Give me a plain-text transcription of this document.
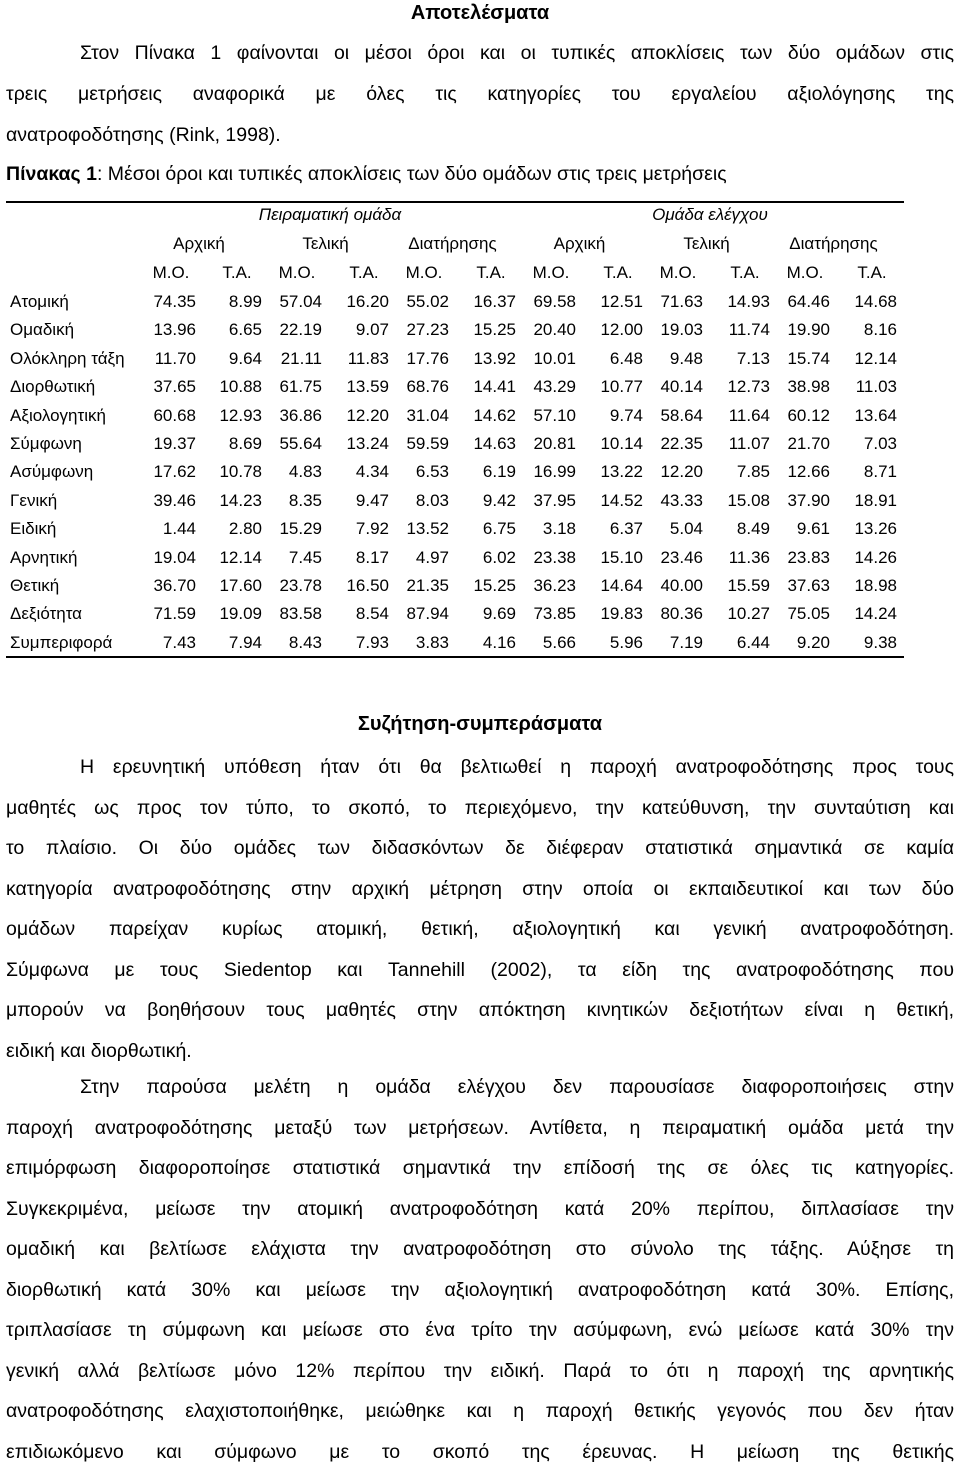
Αποτελέσματα

Στον Πίνακα 1 φαίνονται οι μέσοι όροι και οι τυπικές αποκλίσεις των δύο ομάδων στις

τρεις μετρήσεις αναφορικά με όλες τις κατηγορίες του εργαλείου αξιολόγησης της

ανατροφοδότησης (Rink, 1998).

Πίνακας 1: Μέσοι όροι και τυπικές αποκλίσεις των δύο ομάδων στις τρεις μετρήσεις

Πειραματική ομάδα	Ομάδα ελέγχου
Αρχική	Τελική	Διατήρησης	Αρχική	Τελική	Διατήρησης
Μ.Ο.	Τ.Α.	Μ.Ο.	Τ.Α.	Μ.Ο.	Τ.Α.	Μ.Ο.	Τ.Α.	Μ.Ο.	Τ.Α.	Μ.Ο.	Τ.Α.
Ατομική	74.35	8.99	57.04	16.20	55.02	16.37	69.58	12.51	71.63	14.93	64.46	14.68
Ομαδική	13.96	6.65	22.19	9.07	27.23	15.25	20.40	12.00	19.03	11.74	19.90	8.16
Ολόκληρη τάξη	11.70	9.64	21.11	11.83	17.76	13.92	10.01	6.48	9.48	7.13	15.74	12.14
Διορθωτική	37.65	10.88	61.75	13.59	68.76	14.41	43.29	10.77	40.14	12.73	38.98	11.03
Αξιολογητική	60.68	12.93	36.86	12.20	31.04	14.62	57.10	9.74	58.64	11.64	60.12	13.64
Σύμφωνη	19.37	8.69	55.64	13.24	59.59	14.63	20.81	10.14	22.35	11.07	21.70	7.03
Ασύμφωνη	17.62	10.78	4.83	4.34	6.53	6.19	16.99	13.22	12.20	7.85	12.66	8.71
Γενική	39.46	14.23	8.35	9.47	8.03	9.42	37.95	14.52	43.33	15.08	37.90	18.91
Ειδική	1.44	2.80	15.29	7.92	13.52	6.75	3.18	6.37	5.04	8.49	9.61	13.26
Αρνητική	19.04	12.14	7.45	8.17	4.97	6.02	23.38	15.10	23.46	11.36	23.83	14.26
Θετική	36.70	17.60	23.78	16.50	21.35	15.25	36.23	14.64	40.00	15.59	37.63	18.98
Δεξιότητα	71.59	19.09	83.58	8.54	87.94	9.69	73.85	19.83	80.36	10.27	75.05	14.24
Συμπεριφορά	7.43	7.94	8.43	7.93	3.83	4.16	5.66	5.96	7.19	6.44	9.20	9.38
Συζήτηση-συμπεράσματα

Η ερευνητική υπόθεση ήταν ότι θα βελτιωθεί η παροχή ανατροφοδότησης προς τους

μαθητές ως προς τον τύπο, το σκοπό, το περιεχόμενο, την κατεύθυνση, την συνταύτιση και

το πλαίσιο. Οι δύο ομάδες των διδασκόντων δε διέφεραν στατιστικά σημαντικά σε καμία

κατηγορία ανατροφοδότησης στην αρχική μέτρηση στην οποία οι εκπαιδευτικοί και των δύο

ομάδων παρείχαν κυρίως ατομική, θετική, αξιολογητική και γενική ανατροφοδότηση.

Σύμφωνα με τους Siedentop και Tannehill (2002), τα είδη της ανατροφοδότησης που

μπορούν να βοηθήσουν τους μαθητές στην απόκτηση κινητικών δεξιοτήτων είναι η θετική,

ειδική και διορθωτική.

Στην παρούσα μελέτη η ομάδα ελέγχου δεν παρουσίασε διαφοροποιήσεις στην

παροχή ανατροφοδότησης μεταξύ των μετρήσεων. Αντίθετα, η πειραματική ομάδα μετά την

επιμόρφωση διαφοροποίησε στατιστικά σημαντικά την επίδοσή της σε όλες τις κατηγορίες.

Συγκεκριμένα, μείωσε την ατομική ανατροφοδότηση κατά 20% περίπου, διπλασίασε την

ομαδική και βελτίωσε ελάχιστα την ανατροφοδότηση στο σύνολο της τάξης. Αύξησε τη

διορθωτική κατά 30% και μείωσε την αξιολογητική ανατροφοδότηση κατά 30%. Επίσης,

τριπλασίασε τη σύμφωνη και μείωσε στο ένα τρίτο την ασύμφωνη, ενώ μείωσε κατά 30% την

γενική αλλά βελτίωσε μόνο 12% περίπου την ειδική. Παρά το ότι η παροχή της αρνητικής

ανατροφοδότησης ελαχιστοποιήθηκε, μειώθηκε και η παροχή θετικής γεγονός που δεν ήταν

επιδιωκόμενο και σύμφωνο με το σκοπό της έρευνας. Η μείωση της θετικής
